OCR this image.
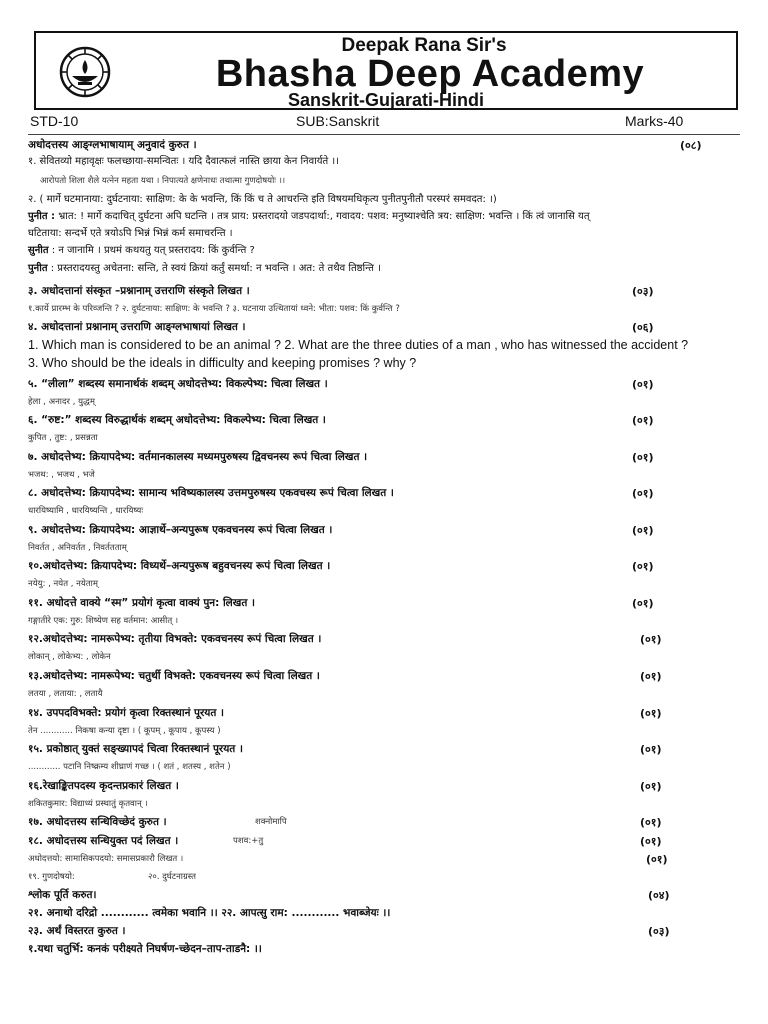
Deepak Rana Sir's
Bhasha Deep Academy
Sanskrit-Gujarati-Hindi
STD-10	SUB:Sanskrit	Marks-40
अधोदत्तस्य आङ्ग्लभाषायाम् अनुवादं कुरुत ।	(०८)
१. सेवितव्यो महावृक्षः फलच्छाया-समन्वितः । यदि दैवात्फलं नास्ति छाया केन निवार्यते ।।
आरोपतो शिला शैले यत्नेन महता यथा । निपात्यते क्षणेनाधः तथात्मा गुणदोषयोः ।।
२. ( मार्गे घटमानाया: दुर्घटनाया: साक्षिण: के के भवन्ति, किं किं च ते आचरन्ति इति विषयमधिकृत्य पुनीतपुनीतौ परस्परं समवदत: ।)
पुनीत : भ्रात: ! मार्गे कदाचित् दुर्घटना अपि घटन्ति । तत्र प्राय: प्रस्तरादयो जडपदार्था:, गवादय: पशव: मनुष्याश्चेति त्रय: साक्षिण: भवन्ति । किं त्वं जानासि यत्
घटिताया: सन्दर्भे एते त्रयोऽपि भिन्नं भिन्नं कर्म समाचरन्ति ।
सुनीत : न जानामि । प्रथमं कथयतु यत् प्रस्तरादय: किं कुर्वन्ति ?
पुनीत : प्रस्तरादयस्तु अचेतना: सन्ति, ते स्वयं क्रियां कर्तुं समर्था: न भवन्ति । अत: ते तथैव तिष्ठन्ति ।
३. अधोदत्तानां संस्कृत –प्रश्नानाम् उत्तराणि संस्कृते लिखत ।	(०३)
१.कार्ये प्रारम्भ के परिव्जन्ति ? २. दुर्घटनाया: साक्षिण: के भवन्ति ? ३. घटनाया उत्थितायां ध्वने: भीता: पशव: किं कुर्वन्ति ?
४. अधोदत्तानां प्रश्नानाम् उत्तराणि आङ्ग्लभाषायां लिखत ।	(०६)
1. Which man is considered to be an animal ? 2. What are the three duties of a man , who has witnessed the accident ?
3. Who should be the ideals in difficulty and keeping promises ? why ?
५. “लीला” शब्दस्य समानार्थकं शब्दम् अधोदत्तेभ्य: विकल्पेभ्य: चित्वा लिखत ।	(०१)
हेला , अनादर , युद्धम्
६. “रुष्ट:” शब्दस्य विरुद्धार्थकं शब्दम् अधोदत्तेभ्य: विकल्पेभ्य: चित्वा लिखत ।	(०१)
कुपित , तुष्ट: , प्रसन्नता
७. अधोदत्तेभ्य: क्रियापदेभ्य: वर्तमानकालस्य मध्यमपुरुषस्य द्विवचनस्य रूपं चित्वा लिखत ।	(०१)
भजथ: , भजथ , भजे
८. अधोदत्तेभ्य: क्रियापदेभ्य: सामान्य भविष्यकालस्य उत्तमपुरुषस्य एकवचस्य रूपं चित्वा लिखत ।	(०१)
धारयिष्यामि , धारयिष्यन्ति , धारयिष्यः
९. अधोदत्तेभ्य: क्रियापदेभ्य: आज्ञार्थे–अन्यपुरूष एकवचनस्य रूपं चित्वा लिखत ।	(०१)
निवर्तत , अनिवर्तत , निवर्ततताम्
१०.अधोदत्तेभ्य: क्रियापदेभ्य: विध्यर्थे–अन्यपुरूष बहुवचनस्य रूपं चित्वा लिखत ।	(०१)
नयेयु: , नयेत , नयेताम्
११. अधोदत्ते वाक्ये “स्म” प्रयोगं कृत्वा वाक्यं पुन: लिखत ।	(०१)
गङ्गातीरे एक: गुरु: शिष्येण सह वर्तमान: आसीत् ।
१२.अधोदत्तेभ्य: नामरूपेभ्य: तृतीया विभक्ते: एकवचनस्य रूपं चित्वा लिखत ।	(०१)
लोकान् , लोकेभ्य: , लोकेन
१३.अधोदत्तेभ्य: नामरूपेभ्य: चतुर्थी विभक्ते: एकवचनस्य रूपं चित्वा लिखत ।	(०१)
लतया , लताया: , लतायै
१४. उपपदविभक्ते: प्रयोगं कृत्वा रिक्तस्थानं पूरयत ।	(०१)
तेन ............ निकषा कन्या दृष्टा । ( कूपम् , कूपाय , कूपस्य )
१५. प्रकोष्ठात् युक्तं सङ्ख्यापदं चित्वा रिक्तस्थानं पूरयत ।	(०१)
............ पटानि निष्क्रम्य शीघ्राणं गच्छ । ( शतं , शतस्य , शतेन )
१६.रेखाङ्कितपदस्य कृदन्तप्रकारं लिखत ।	(०१)
शकितकुमार: विद्याध्यं प्रस्थातुं कृतवान् ।
१७. अधोदत्तस्य सन्धिविच्छेदं कुरुत ।	शक्नोमापि	(०१)
१८. अधोदत्तस्य सन्धियुक्त पदं लिखत ।	पशव:+तु	(०१)
अधोदत्तयो: सामासिकपदयो: समासप्रकारौ लिखत ।	(०१)
१९. गुणदोषयो:	२०. दुर्घटनाग्रस्त
श्लोक पूर्ति करुत।	(०४)
२१. अनाथो दरिद्रो ............ त्वमेका भवानि ।। २२. आपत्सु राम: ............ भवाब्जेयः ।।
२३. अर्थं विस्तरत कुरुत ।	(०३)
१.यथा चतुर्भि: कनकं परीक्ष्यते निघर्षण-च्छेदन–ताप-ताडनै: ।।
